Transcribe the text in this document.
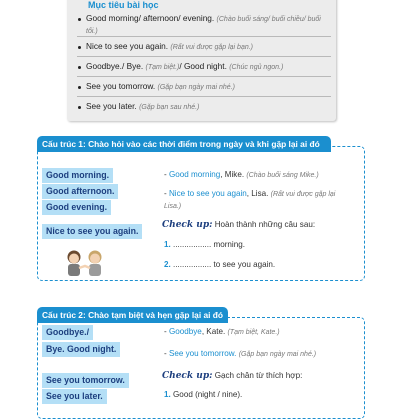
Mục tiêu bài học
Good morning/ afternoon/ evening. (Chào buổi sáng/ buổi chiều/ buổi tối.)
Nice to see you again. (Rất vui được gặp lại bạn.)
Goodbye./ Bye. (Tạm biệt.)/ Good night. (Chúc ngủ ngon.)
See you tomorrow. (Gặp bạn ngày mai nhé.)
See you later. (Gặp bạn sau nhé.)
Cấu trúc 1: Chào hỏi vào các thời điểm trong ngày và khi gặp lại ai đó
Good morning.
Good afternoon.
Good evening.
Nice to see you again.
- Good morning, Mike. (Chào buổi sáng Mike.)
- Nice to see you again, Lisa. (Rất vui được gặp lại Lisa.)
Check up: Hoàn thành những câu sau:
1. ................. morning.
2. ................. to see you again.
Cấu trúc 2: Chào tạm biệt và hẹn gặp lại ai đó
Goodbye./
Bye. Good night.
See you tomorrow.
See you later.
- Goodbye, Kate. (Tạm biệt, Kate.)
- See you tomorrow. (Gặp bạn ngày mai nhé.)
Check up: Gạch chân từ thích hợp:
1. Good (night / nine).
